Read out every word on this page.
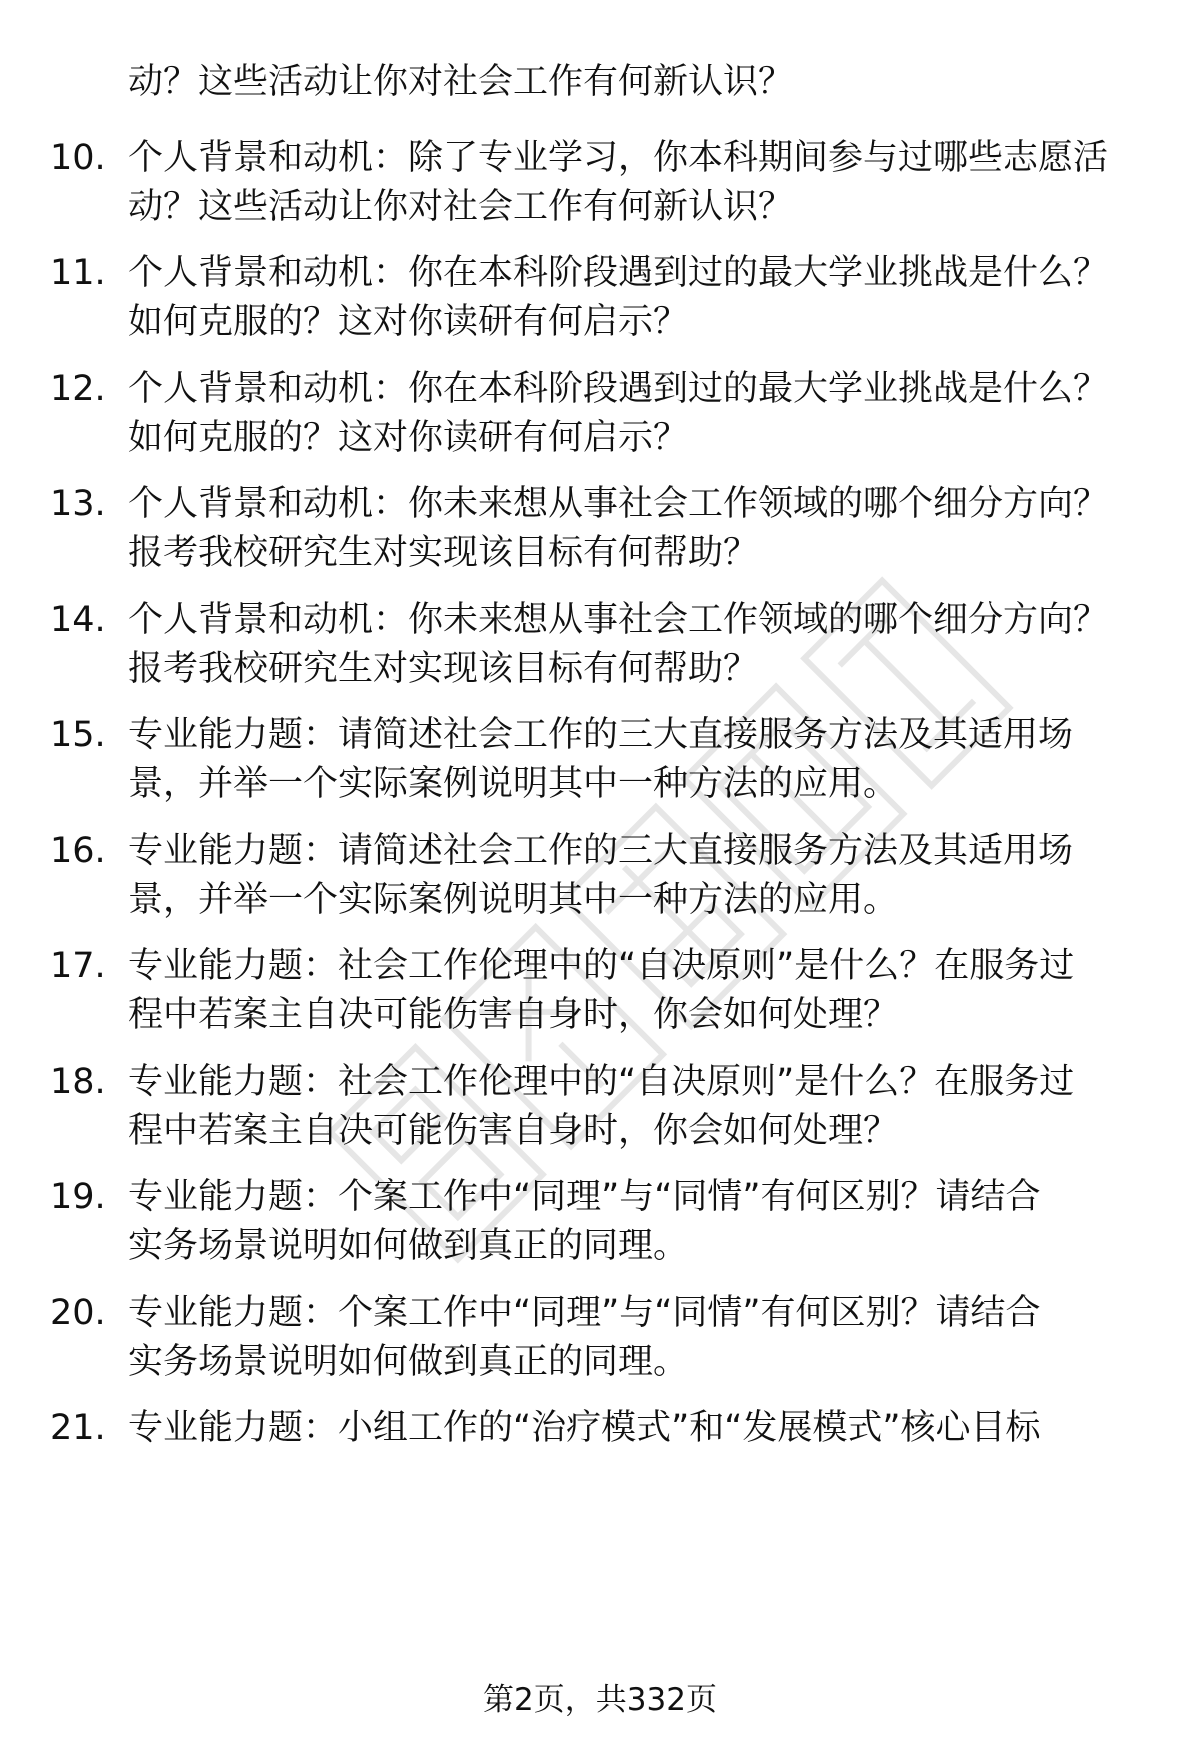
动？这些活动让你对社会工作有何新认识？
10. 个人背景和动机：除了专业学习，你本科期间参与过哪些志愿活
动？这些活动让你对社会工作有何新认识？
11. 个人背景和动机：你在本科阶段遇到过的最大学业挑战是什么？
如何克服的？这对你读研有何启示？
12. 个人背景和动机：你在本科阶段遇到过的最大学业挑战是什么？
如何克服的？这对你读研有何启示？
13. 个人背景和动机：你未来想从事社会工作领域的哪个细分方向？
报考我校研究生对实现该目标有何帮助？
14. 个人背景和动机：你未来想从事社会工作领域的哪个细分方向？
报考我校研究生对实现该目标有何帮助？
15. 专业能力题：请简述社会工作的三大直接服务方法及其适用场
景，并举一个实际案例说明其中一种方法的应用。
16. 专业能力题：请简述社会工作的三大直接服务方法及其适用场
景，并举一个实际案例说明其中一种方法的应用。
17. 专业能力题：社会工作伦理中的“自决原则”是什么？在服务过
程中若案主自决可能伤害自身时，你会如何处理？
18. 专业能力题：社会工作伦理中的“自决原则”是什么？在服务过
程中若案主自决可能伤害自身时，你会如何处理？
19. 专业能力题：个案工作中“同理”与“同情”有何区别？请结合
实务场景说明如何做到真正的同理。
20. 专业能力题：个案工作中“同理”与“同情”有何区别？请结合
实务场景说明如何做到真正的同理。
21. 专业能力题：小组工作的“治疗模式”和“发展模式”核心目标
第2页，共332页
